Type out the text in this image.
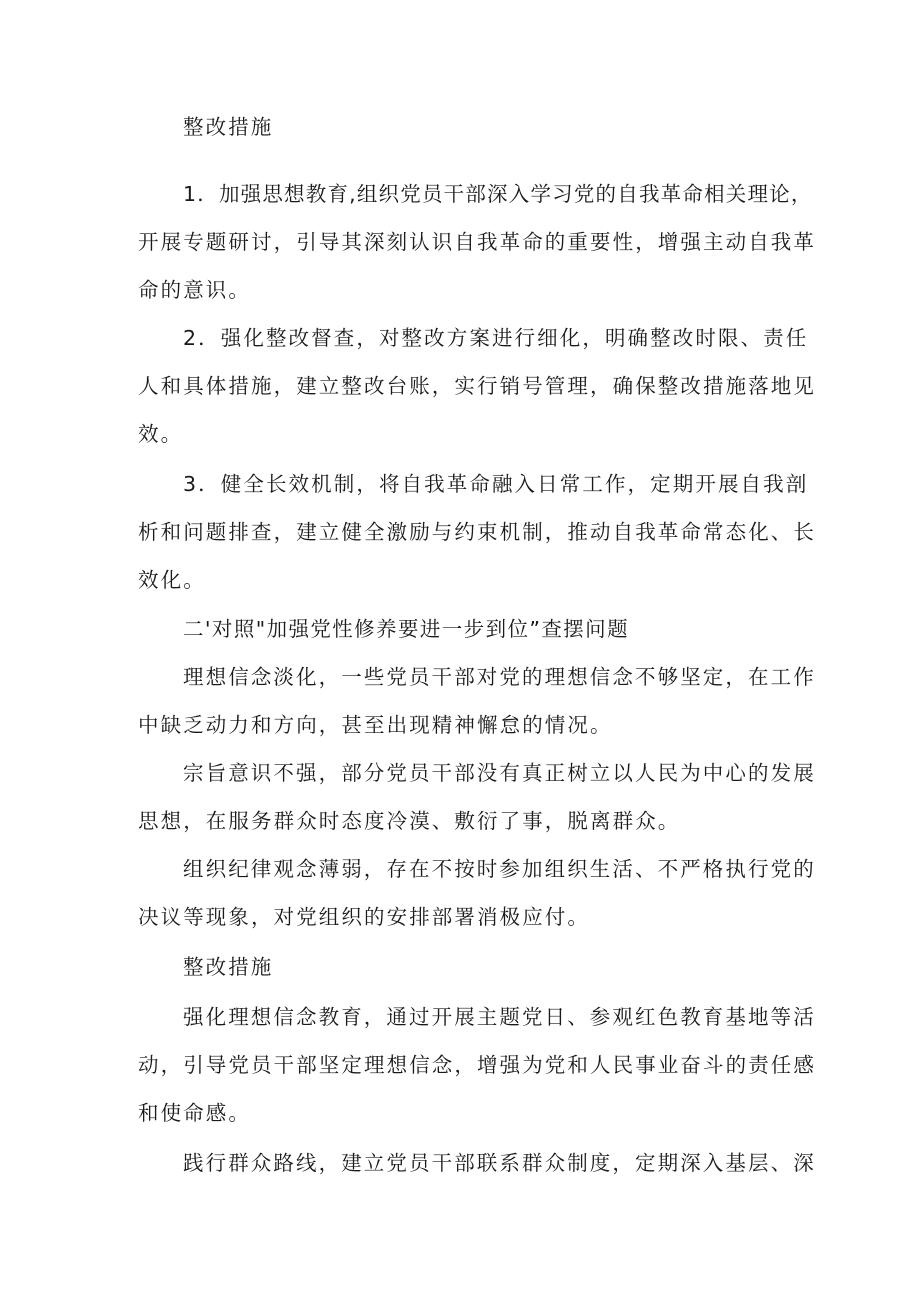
整改措施
1．加强思想教育,组织党员干部深入学习党的自我革命相关理论，
开展专题研讨，引导其深刻认识自我革命的重要性，增强主动自我革
命的意识。
2．强化整改督查，对整改方案进行细化，明确整改时限、责任
人和具体措施，建立整改台账，实行销号管理，确保整改措施落地见
效。
3．健全长效机制，将自我革命融入日常工作，定期开展自我剖
析和问题排查，建立健全激励与约束机制，推动自我革命常态化、长
效化。
二'对照"加强党性修养要进一步到位”查摆问题
理想信念淡化，一些党员干部对党的理想信念不够坚定，在工作
中缺乏动力和方向，甚至出现精神懈怠的情况。
宗旨意识不强，部分党员干部没有真正树立以人民为中心的发展
思想，在服务群众时态度冷漠、敷衍了事，脱离群众。
组织纪律观念薄弱，存在不按时参加组织生活、不严格执行党的
决议等现象，对党组织的安排部署消极应付。
整改措施
强化理想信念教育，通过开展主题党日、参观红色教育基地等活
动，引导党员干部坚定理想信念，增强为党和人民事业奋斗的责任感
和使命感。
践行群众路线，建立党员干部联系群众制度，定期深入基层、深
